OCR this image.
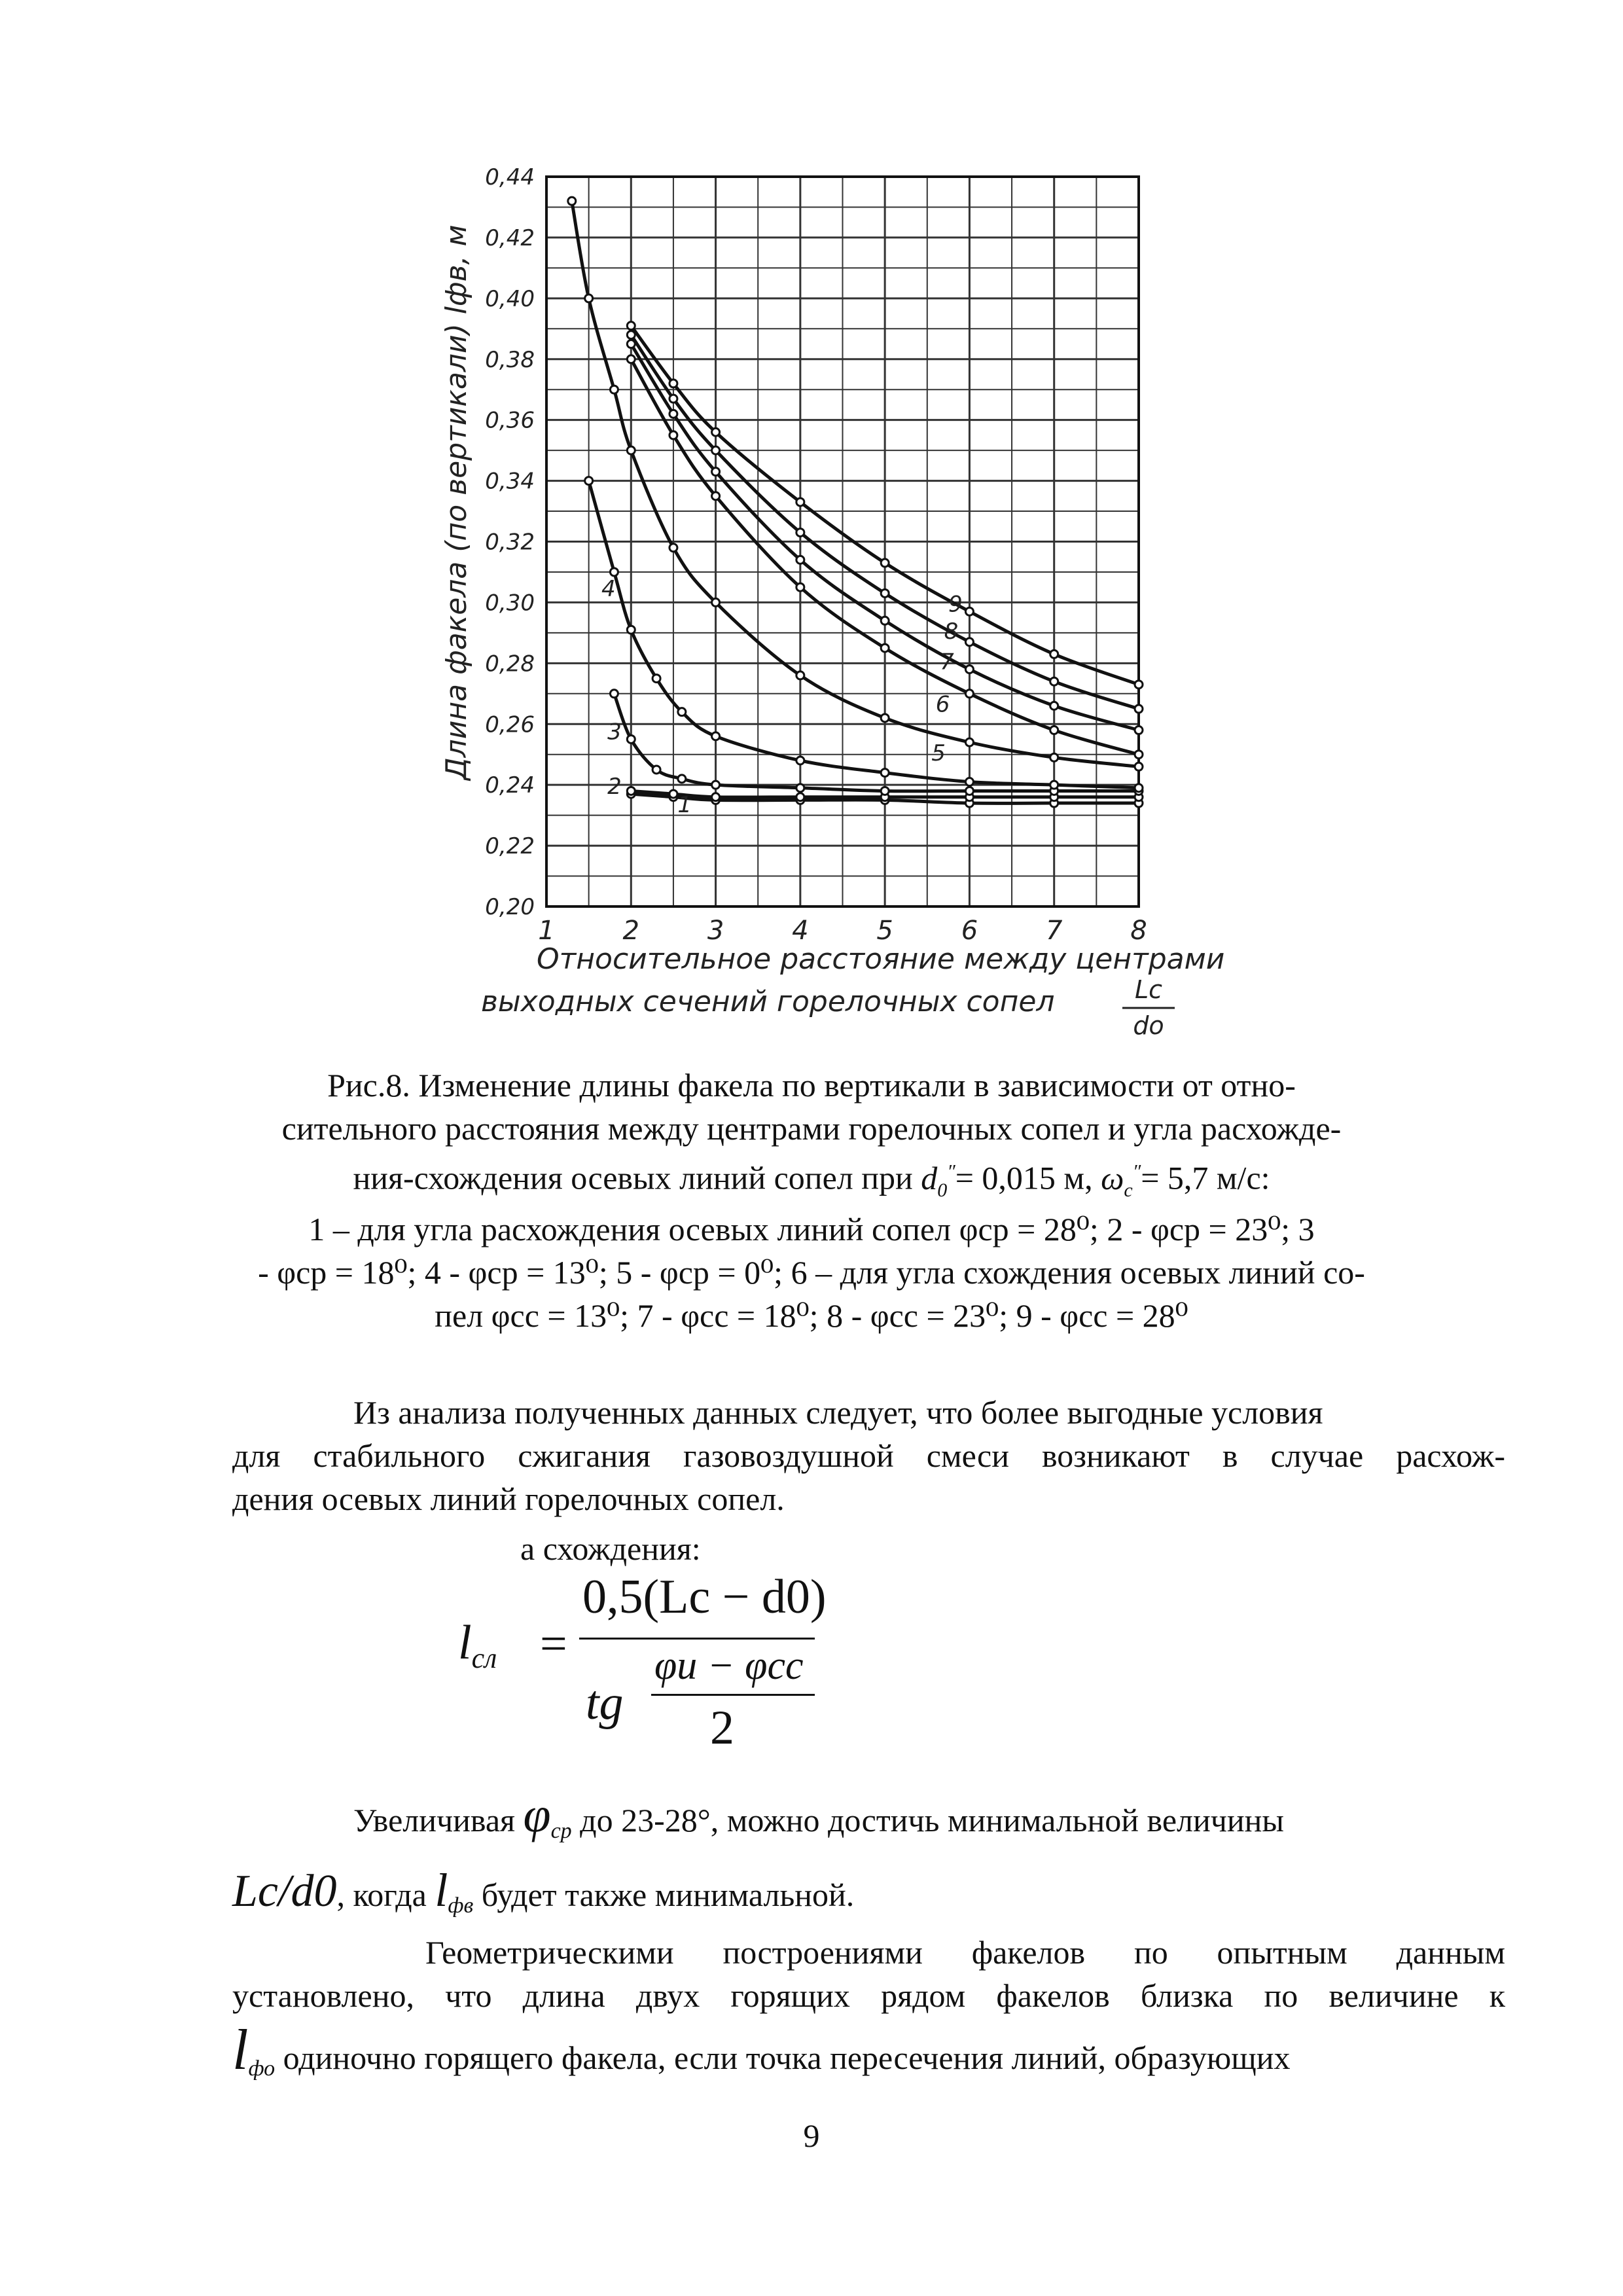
0,20
0,22
0,24
0,26
0,28
0,30
0,32
0,34
0,36
0,38
0,40
0,42
0,44
1	2	3	4	5	6	7	8
Длина факела (по вертикали) lфв, м
Относительное расстояние между центрами
выходных сечений горелочных сопел	Lc
do
1
2
3
4
5
6
7
8
9

Рис.8. Изменение длины факела по вертикали в зависимости от отно-

сительного расстояния между центрами горелочных сопел и угла расхожде-

ния-схождения осевых линий сопел при $d_0''= 0,015$ м, $\omega_c''= 5,7$ м/с:

1 – для угла расхождения осевых линий сопел φср = 28⁰; 2 - φср = 23⁰; 3

- φср = 18⁰; 4 - φср = 13⁰; 5 - φср = 0⁰; 6 – для угла схождения осевых линий со-

пел φсс = 13⁰; 7 - φсс = 18⁰; 8 - φсс = 23⁰; 9 - φсс = 28⁰

Из анализа полученных данных следует, что более выгодные условия

для стабильного сжигания газовоздушной смеси возникают в случае расхож-

дения осевых линий горелочных сопел.

а схождения:

$l_{сл}$ =
0,5(Lc − d0)
tg
φи − φсс
2

Увеличивая $\varphi_{ср}$ до 23-28°, можно достичь минимальной величины

Lc/d0, когда $l_{фв}$ будет также минимальной.

Геометрическими построениями факелов по опытным данным

установлено, что длина двух горящих рядом факелов близка по величине к

$l_{фо}$ одиночно горящего факела, если точка пересечения линий, образующих

9
